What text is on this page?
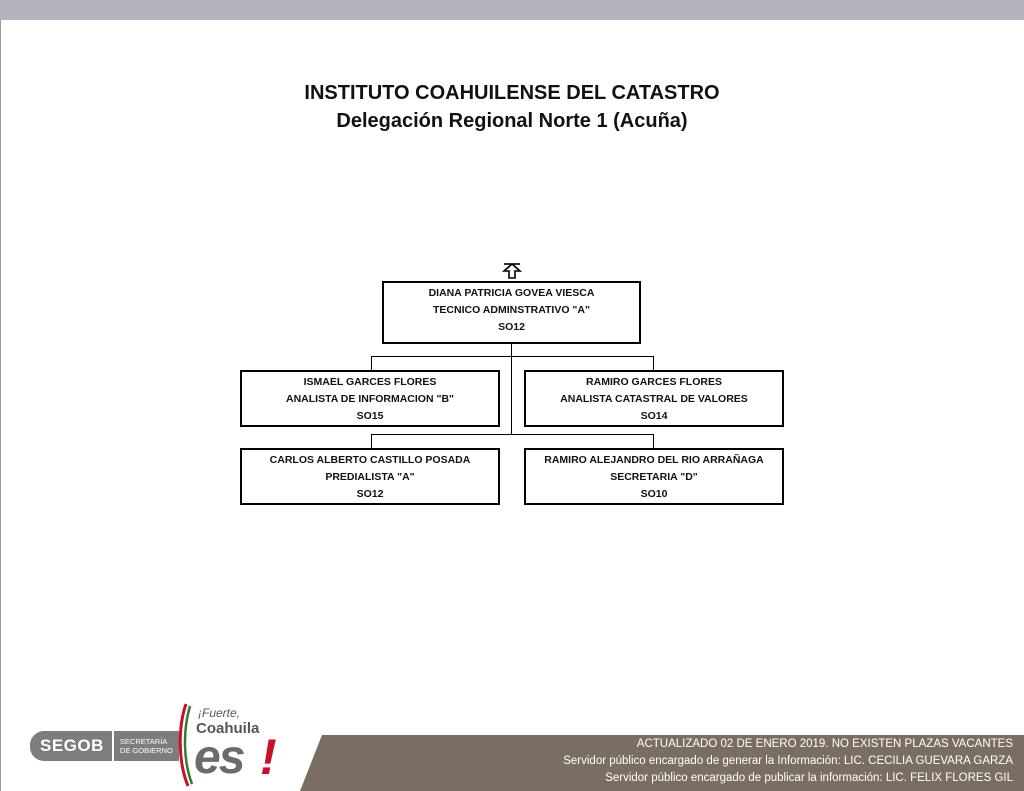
INSTITUTO COAHUILENSE DEL CATASTRO
Delegación Regional Norte 1 (Acuña)
DIANA PATRICIA GOVEA VIESCA
TECNICO ADMINSTRATIVO "A"
SO12
ISMAEL GARCES FLORES
ANALISTA DE INFORMACION "B"
SO15
RAMIRO GARCES FLORES
ANALISTA CATASTRAL DE VALORES
SO14
CARLOS ALBERTO CASTILLO POSADA
PREDIALISTA "A"
SO12
RAMIRO ALEJANDRO DEL RIO ARRAÑAGA
SECRETARIA "D"
SO10
ACTUALIZADO 02 DE ENERO 2019. NO EXISTEN PLAZAS VACANTES
Servidor público encargado de generar la Información: LIC. CECILIA GUEVARA GARZA
Servidor público encargado de publicar la información: LIC. FELIX FLORES GIL
SEGOB	SECRETARÍA
DE GOBIERNO
¡Fuerte,
Coahuila
es !
